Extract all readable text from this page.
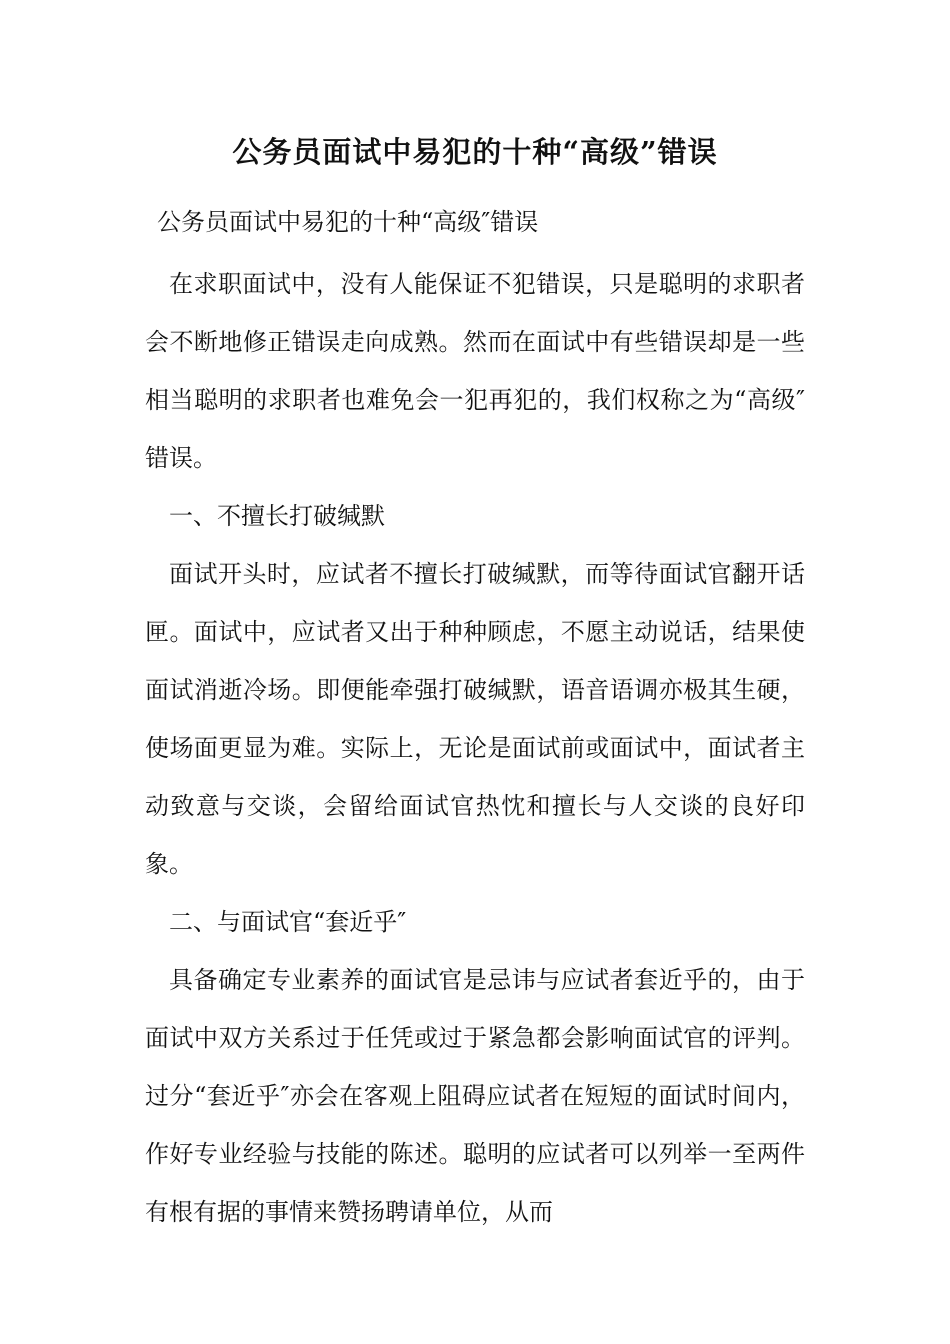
公务员面试中易犯的十种“高级”错误
公务员面试中易犯的十种“高级″错误

在求职面试中，没有人能保证不犯错误，只是聪明的求职者会不断地修正错误走向成熟。然而在面试中有些错误却是一些相当聪明的求职者也难免会一犯再犯的，我们权称之为“高级″错误。

一、不擅长打破缄默

面试开头时，应试者不擅长打破缄默，而等待面试官翻开话匣。面试中，应试者又出于种种顾虑，不愿主动说话，结果使面试消逝冷场。即便能牵强打破缄默，语音语调亦极其生硬，使场面更显为难。实际上，无论是面试前或面试中，面试者主动致意与交谈，会留给面试官热忱和擅长与人交谈的良好印象。

二、与面试官“套近乎″

具备确定专业素养的面试官是忌讳与应试者套近乎的，由于面试中双方关系过于任凭或过于紧急都会影响面试官的评判。过分“套近乎″亦会在客观上阻碍应试者在短短的面试时间内，作好专业经验与技能的陈述。聪明的应试者可以列举一至两件有根有据的事情来赞扬聘请单位，从而
